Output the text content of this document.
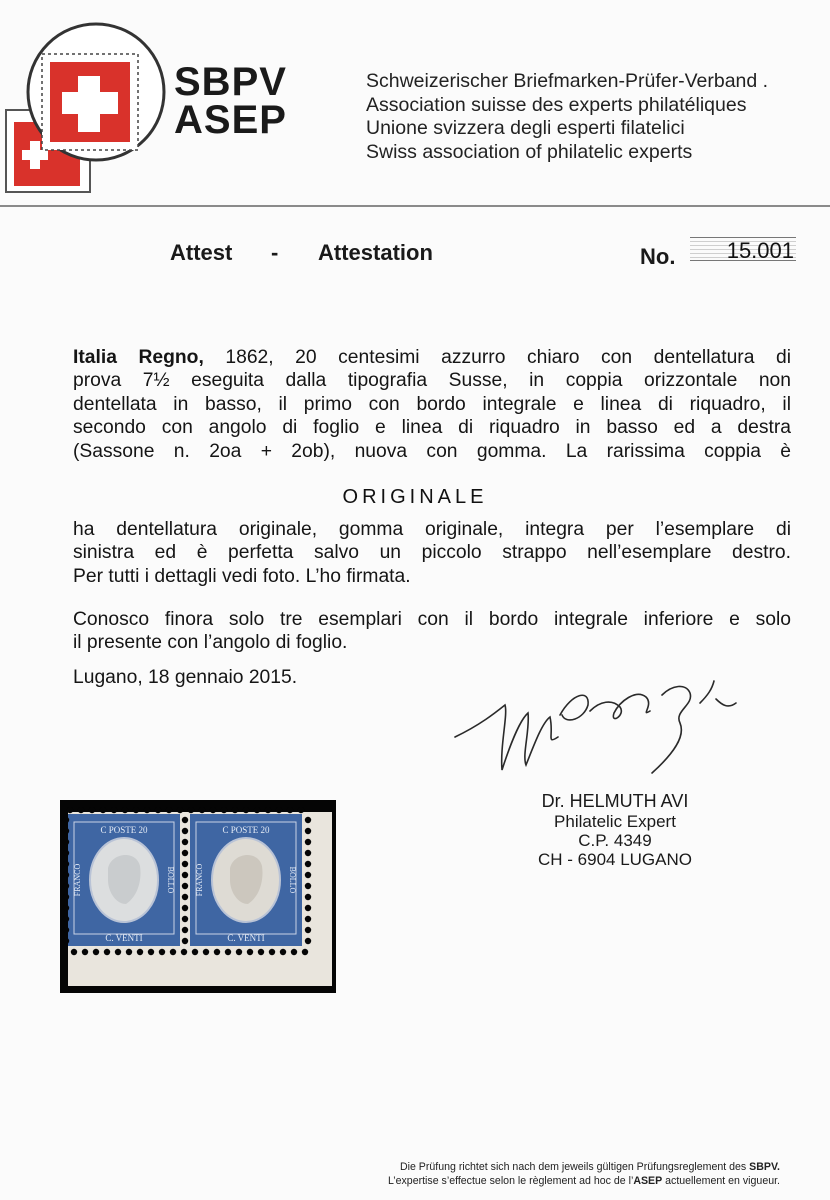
SBPV
ASEP
Schweizerischer Briefmarken-Prüfer-Verband .
Association suisse des experts philatéliques
Unione svizzera degli esperti filatelici
Swiss association of philatelic experts
Attest - Attestation	No.	15.001
Italia Regno, 1862, 20 centesimi azzurro chiaro con dentellatura di
prova 7½ eseguita dalla tipografia Susse, in coppia orizzontale non
dentellata in basso, il primo con bordo integrale e linea di riquadro, il
secondo con angolo di foglio e linea di riquadro in basso ed a destra
(Sassone n. 2oa + 2ob), nuova con gomma. La rarissima coppia è
ORIGINALE
ha dentellatura originale, gomma originale, integra per l’esemplare di
sinistra ed è perfetta salvo un piccolo strappo nell’esemplare destro.
Per tutti i dettagli vedi foto. L’ho firmata.
Conosco finora solo tre esemplari con il bordo integrale inferiore e solo
il presente con l’angolo di foglio.
Lugano, 18 gennaio 2015.
Dr. HELMUTH AVI
Philatelic Expert
C.P. 4349
CH - 6904 LUGANO
C POSTE 20
C. VENTI
FRANCO	BOLLO
C POSTE 20
C. VENTI
FRANCO	BOLLO
Die Prüfung richtet sich nach dem jeweils gültigen Prüfungsreglement des SBPV.
L’expertise s’effectue selon le règlement ad hoc de l’ASEP actuellement en vigueur.
